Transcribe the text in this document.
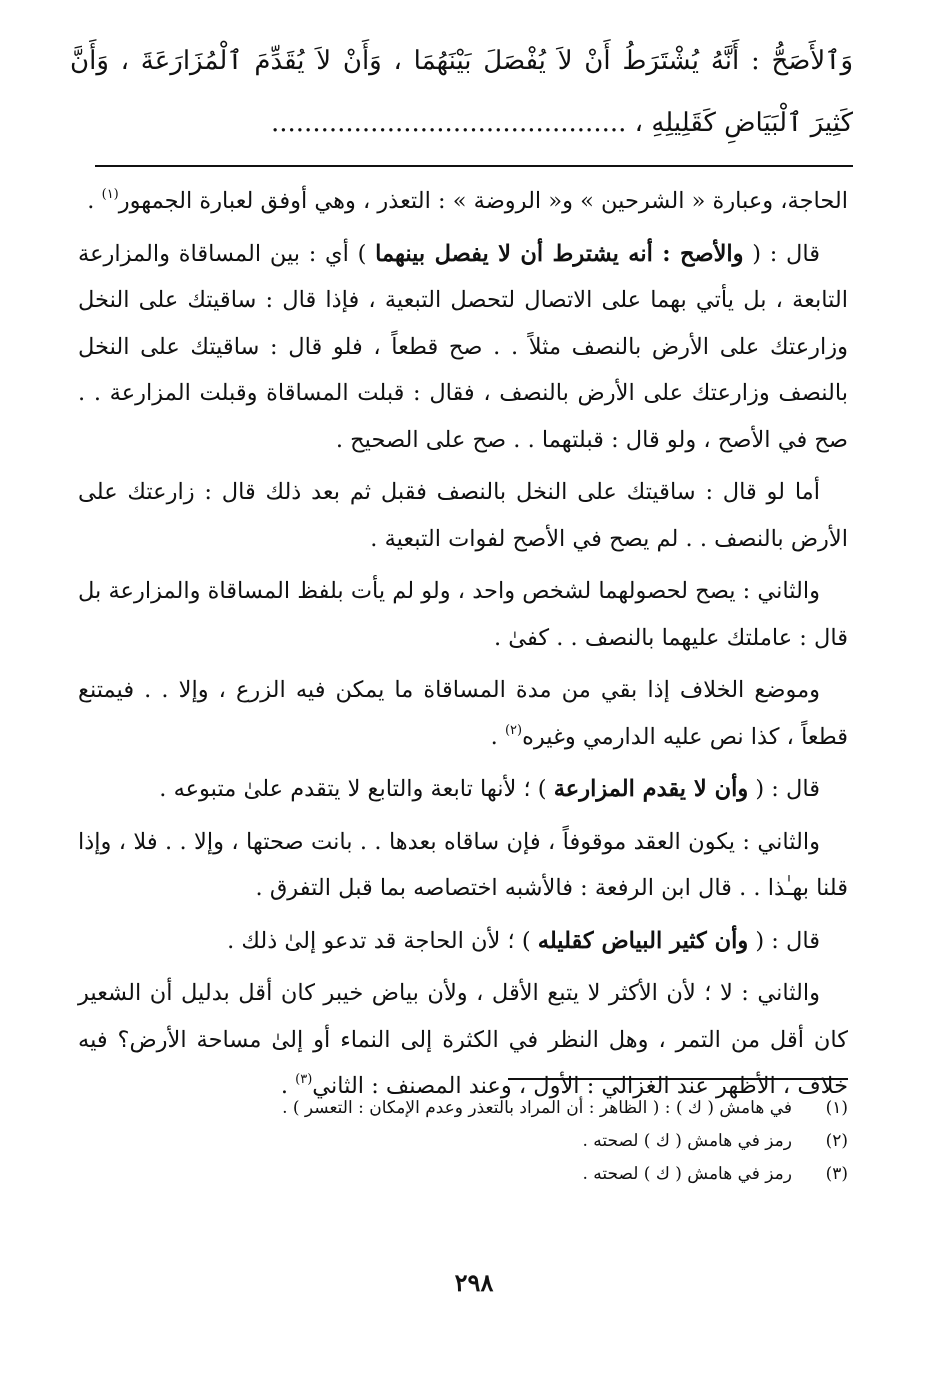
وَٱلأَصَحُّ : أَنَّهُ يُشْتَرَطُ أَنْ لاَ يُفْصَلَ بَيْنَهُمَا ، وَأَنْ لاَ يُقَدِّمَ ٱلْمُزَارَعَةَ ، وَأَنَّ كَثِيرَ ٱلْبَيَاضِ كَقَلِيلِهِ ، ...........................................

الحاجة، وعبارة « الشرحين » و« الروضة » : التعذر ، وهي أوفق لعبارة الجمهور$^{(١)}$ .

قال : ( والأصح : أنه يشترط أن لا يفصل بينهما ) أي : بين المساقاة والمزارعة التابعة ، بل يأتي بهما على الاتصال لتحصل التبعية ، فإذا قال : ساقيتك على النخل وزارعتك على الأرض بالنصف مثلاً . . صح قطعاً ، فلو قال : ساقيتك على النخل بالنصف وزارعتك على الأرض بالنصف ، فقال : قبلت المساقاة وقبلت المزارعة . . صح في الأصح ، ولو قال : قبلتهما . . صح على الصحيح .

أما لو قال : ساقيتك على النخل بالنصف فقبل ثم بعد ذلك قال : زارعتك على الأرض بالنصف . . لم يصح في الأصح لفوات التبعية .

والثاني : يصح لحصولهما لشخص واحد ، ولو لم يأت بلفظ المساقاة والمزارعة بل قال : عاملتك عليهما بالنصف . . كفىٰ .

وموضع الخلاف إذا بقي من مدة المساقاة ما يمكن فيه الزرع ، وإلا . . فيمتنع قطعاً ، كذا نص عليه الدارمي وغيره$^{(٢)}$ .

قال : ( وأن لا يقدم المزارعة ) ؛ لأنها تابعة والتابع لا يتقدم علىٰ متبوعه .

والثاني : يكون العقد موقوفاً ، فإن ساقاه بعدها . . بانت صحتها ، وإلا . . فلا ، وإذا قلنا بهـٰذا . . قال ابن الرفعة : فالأشبه اختصاصه بما قبل التفرق .

قال : ( وأن كثير البياض كقليله ) ؛ لأن الحاجة قد تدعو إلىٰ ذلك .

والثاني : لا ؛ لأن الأكثر لا يتبع الأقل ، ولأن بياض خيبر كان أقل بدليل أن الشعير كان أقل من التمر ، وهل النظر في الكثرة إلى النماء أو إلىٰ مساحة الأرض؟ فيه خلاف ، الأظهر عند الغزالي : الأول ، وعند المصنف : الثاني$^{(٣)}$ .

(١)
في هامش ( ك ) : ( الظاهر : أن المراد بالتعذر وعدم الإمكان : التعسر ) .
(٢)
رمز في هامش ( ك ) لصحته .
(٣)
رمز في هامش ( ك ) لصحته .
٢٩٨
